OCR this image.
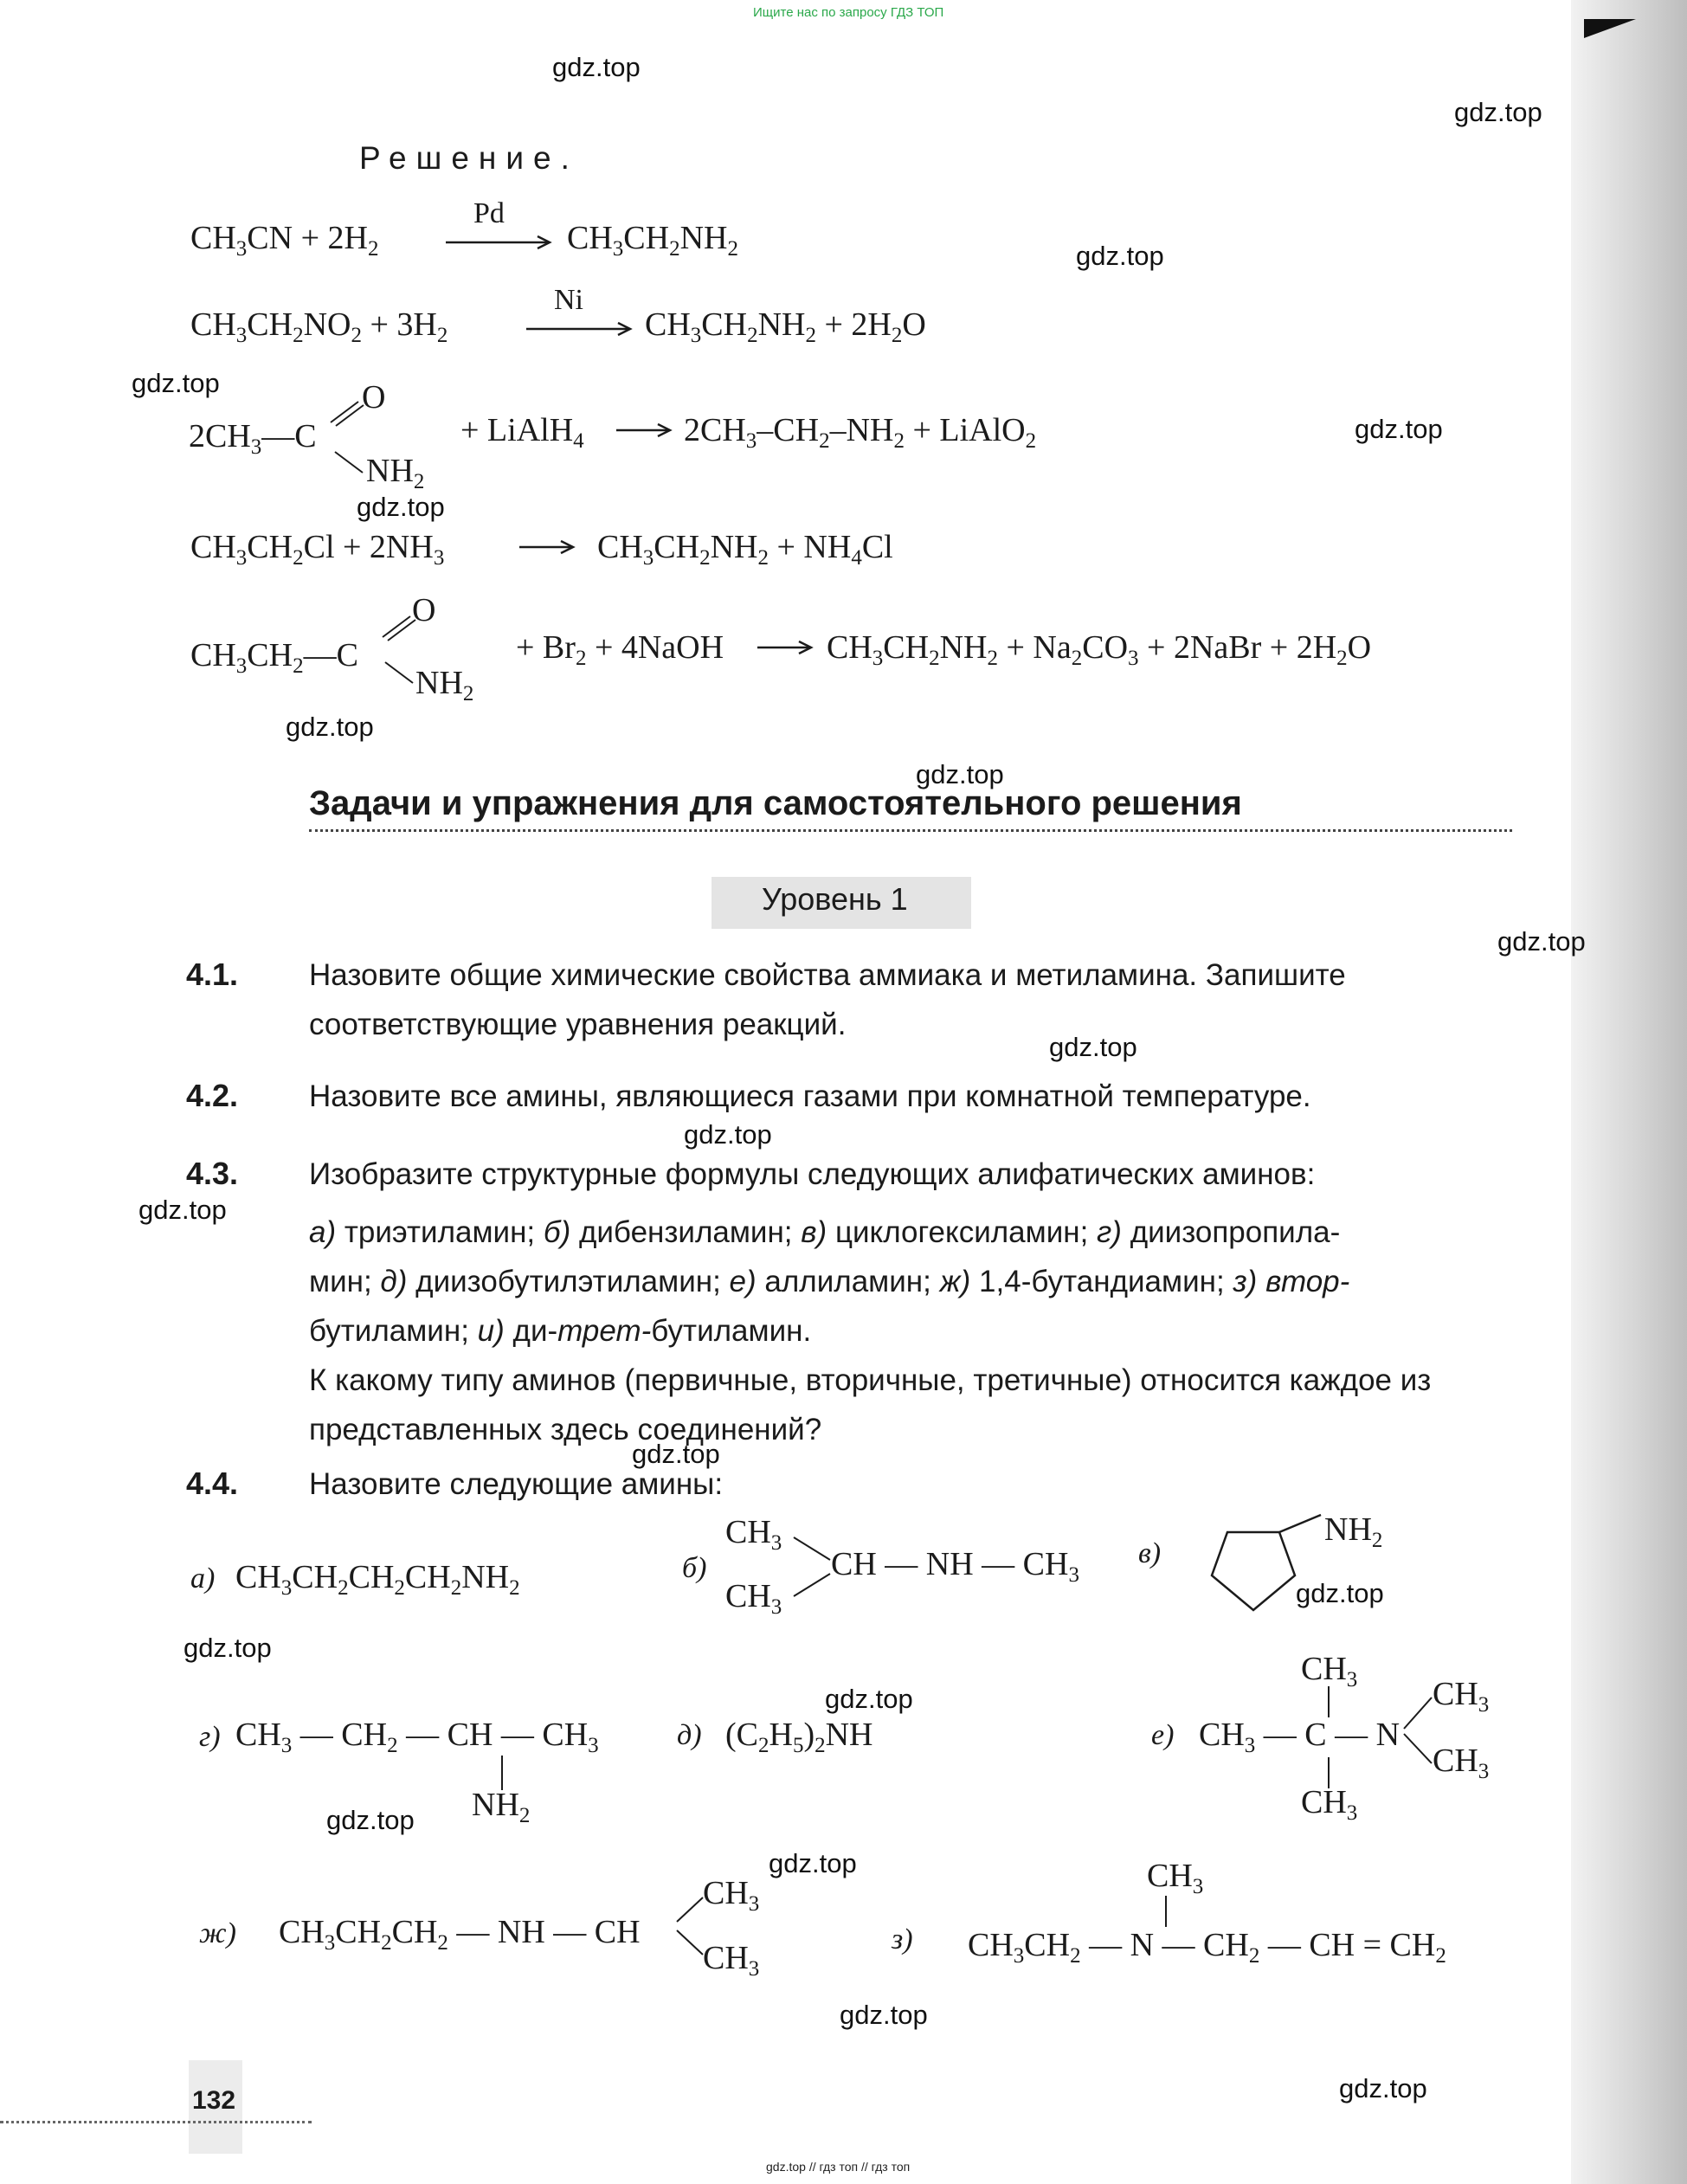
Ищите нас по запросу ГДЗ ТОП
gdz.top // гдз топ // гдз топ
gdz.top
gdz.top
gdz.top
gdz.top
gdz.top
gdz.top
gdz.top
gdz.top
gdz.top
gdz.top
gdz.top
gdz.top
gdz.top
gdz.top
gdz.top
gdz.top
gdz.top
gdz.top
gdz.top
gdz.top
Решение.
$CH_3CN + 2H_2$
Pd
$CH_3CH_2NH_2$
$CH_3CH_2NO_2 + 3H_2$
Ni
$CH_3CH_2NH_2 + 2H_2O$
$2CH_3—C$
O
$NH_2$
+ LiAlH$_4$	$2CH_3-CH_2-NH_2$ + LiAlO$_2$
$CH_3CH_2Cl + 2NH_3$	$CH_3CH_2NH_2 + NH_4Cl$
$CH_3CH_2—C$
O
$NH_2$
+ $Br_2$ + 4NaOH	$CH_3CH_2NH_2 + Na_2CO_3$ + 2NaBr + $2H_2O$
Задачи и упражнения для самостоятельного решения
Уровень 1
4.1. Назовите общие химические свойства аммиака и метиламина. Запишите соответствующие уравнения реакций.
4.2. Назовите все амины, являющиеся газами при комнатной температуре.
4.3. Изобразите структурные формулы следующих алифатических аминов:
а) триэтиламин; б) дибензиламин; в) циклогексиламин; г) диизопропила-
мин; д) диизобутилэтиламин; е) аллиламин; ж) 1,4-бутандиамин; з) втор-
бутиламин; и) ди-трет-бутиламин.
К какому типу аминов (первичные, вторичные, третичные) относится каждое из представленных здесь соединений?
4.4. Назовите следующие амины:
а) $CH_3CH_2CH_2CH_2NH_2$
б)
$CH_3$
$CH_3$
CH — NH — $CH_3$
в)
$NH_2$
г) $CH_3$ — $CH_2$ — CH — $CH_3$
$NH_2$
д) $(C_2H_5)_2NH$	е)
$CH_3$
$CH_3$ — C — N
$CH_3$
$CH_3$
$CH_3$
ж) $CH_3CH_2CH_2$ — NH — CH
$CH_3$
$CH_3$
з)
$CH_3$
$CH_3CH_2$ — N — $CH_2$ — CH = $CH_2$
132
